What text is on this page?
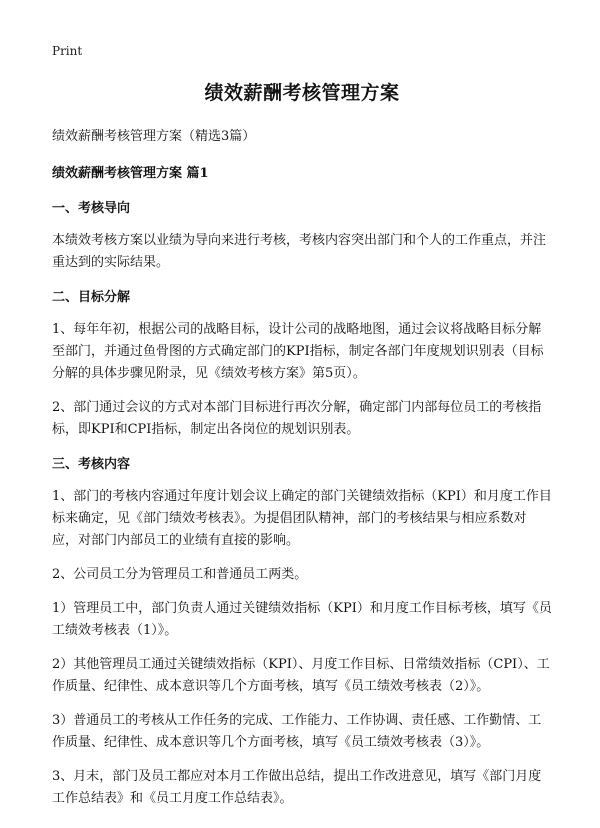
Print
绩效薪酬考核管理方案
绩效薪酬考核管理方案（精选3篇）
绩效薪酬考核管理方案 篇1
一、考核导向

本绩效考核方案以业绩为导向来进行考核，考核内容突出部门和个人的工作重点，并注重达到的实际结果。

二、目标分解

1、每年年初，根据公司的战略目标，设计公司的战略地图，通过会议将战略目标分解至部门，并通过鱼骨图的方式确定部门的KPI指标，制定各部门年度规划识别表（目标分解的具体步骤见附录，见《绩效考核方案》第5页）。

2、部门通过会议的方式对本部门目标进行再次分解，确定部门内部每位员工的考核指标，即KPI和CPI指标，制定出各岗位的规划识别表。

三、考核内容

1、部门的考核内容通过年度计划会议上确定的部门关键绩效指标（KPI）和月度工作目标来确定，见《部门绩效考核表》。为提倡团队精神，部门的考核结果与相应系数对应，对部门内部员工的业绩有直接的影响。

2、公司员工分为管理员工和普通员工两类。

1）管理员工中，部门负责人通过关键绩效指标（KPI）和月度工作目标考核，填写《员工绩效考核表（1）》。

2）其他管理员工通过关键绩效指标（KPI）、月度工作目标、日常绩效指标（CPI）、工作质量、纪律性、成本意识等几个方面考核，填写《员工绩效考核表（2）》。

3）普通员工的考核从工作任务的完成、工作能力、工作协调、责任感、工作勤情、工作质量、纪律性、成本意识等几个方面考核，填写《员工绩效考核表（3）》。

3、月末，部门及员工都应对本月工作做出总结，提出工作改进意见，填写《部门月度工作总结表》和《员工月度工作总结表》。
